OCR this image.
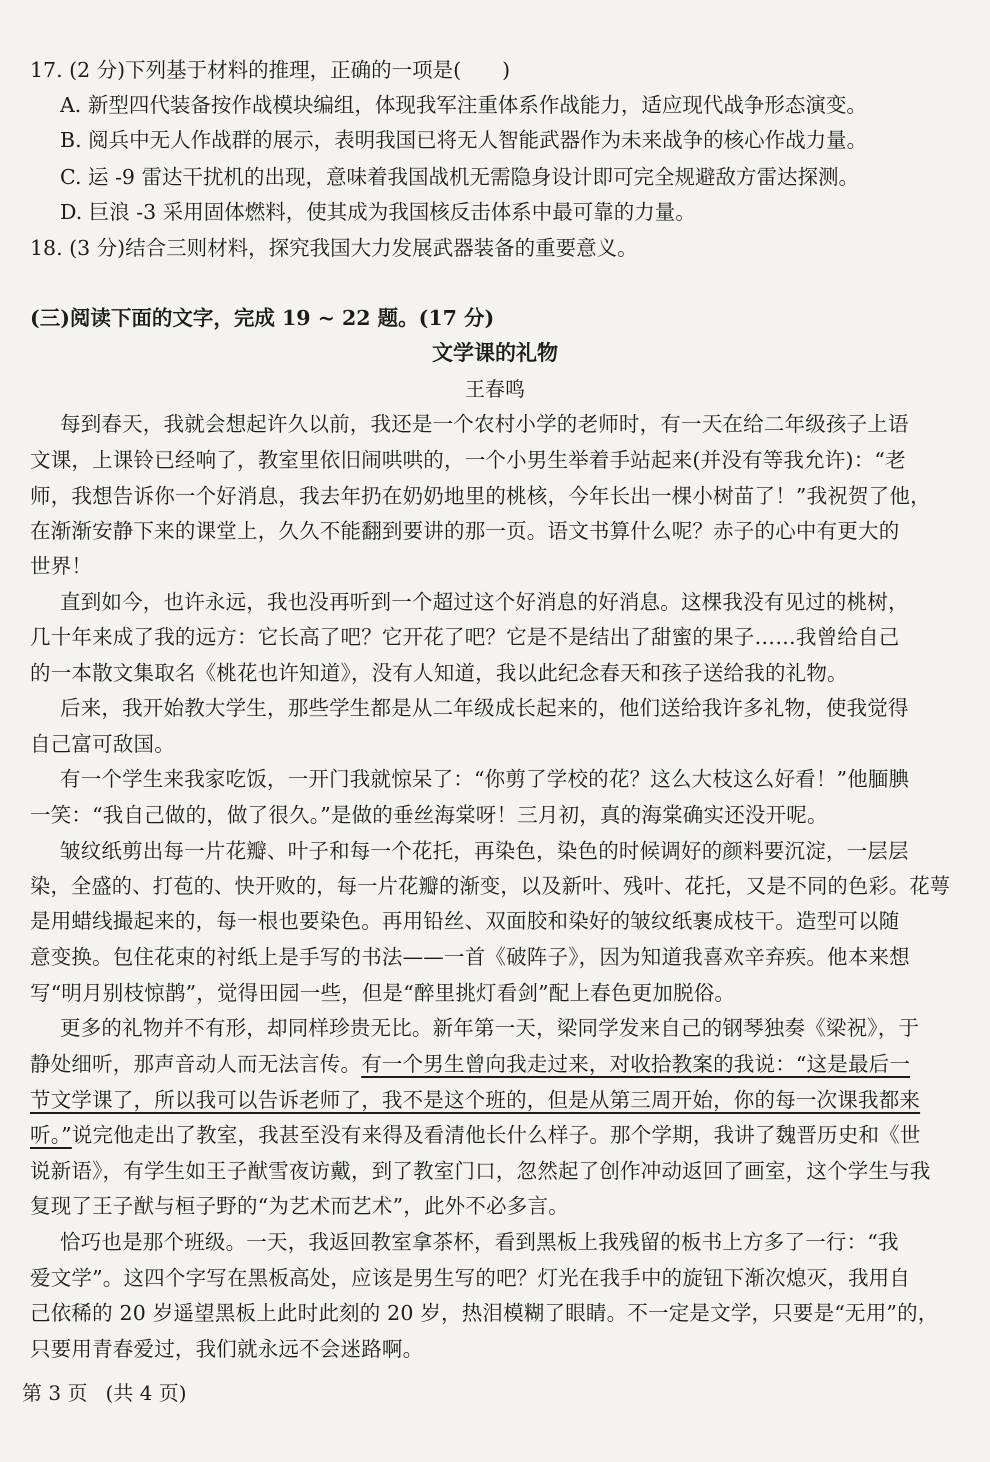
17. (2 分)下列基于材料的推理，正确的一项是(　　)
A. 新型四代装备按作战模块编组，体现我军注重体系作战能力，适应现代战争形态演变。
B. 阅兵中无人作战群的展示，表明我国已将无人智能武器作为未来战争的核心作战力量。
C. 运 -9 雷达干扰机的出现，意味着我国战机无需隐身设计即可完全规避敌方雷达探测。
D. 巨浪 -3 采用固体燃料，使其成为我国核反击体系中最可靠的力量。
18. (3 分)结合三则材料，探究我国大力发展武器装备的重要意义。
(三)阅读下面的文字，完成 19 ~ 22 题。(17 分)
文学课的礼物
王春鸣
每到春天，我就会想起许久以前，我还是一个农村小学的老师时，有一天在给二年级孩子上语
文课，上课铃已经响了，教室里依旧闹哄哄的，一个小男生举着手站起来(并没有等我允许)：“老
师，我想告诉你一个好消息，我去年扔在奶奶地里的桃核，今年长出一棵小树苗了！”我祝贺了他，
在渐渐安静下来的课堂上，久久不能翻到要讲的那一页。语文书算什么呢？赤子的心中有更大的
世界！
直到如今，也许永远，我也没再听到一个超过这个好消息的好消息。这棵我没有见过的桃树，
几十年来成了我的远方：它长高了吧？它开花了吧？它是不是结出了甜蜜的果子……我曾给自己
的一本散文集取名《桃花也许知道》，没有人知道，我以此纪念春天和孩子送给我的礼物。
后来，我开始教大学生，那些学生都是从二年级成长起来的，他们送给我许多礼物，使我觉得
自己富可敌国。
有一个学生来我家吃饭，一开门我就惊呆了：“你剪了学校的花？这么大枝这么好看！”他腼腆
一笑：“我自己做的，做了很久。”是做的垂丝海棠呀！三月初，真的海棠确实还没开呢。
皱纹纸剪出每一片花瓣、叶子和每一个花托，再染色，染色的时候调好的颜料要沉淀，一层层
染，全盛的、打苞的、快开败的，每一片花瓣的渐变，以及新叶、残叶、花托，又是不同的色彩。花萼
是用蜡线撮起来的，每一根也要染色。再用铅丝、双面胶和染好的皱纹纸裹成枝干。造型可以随
意变换。包住花束的衬纸上是手写的书法——一首《破阵子》，因为知道我喜欢辛弃疾。他本来想
写“明月别枝惊鹊”，觉得田园一些，但是“醉里挑灯看剑”配上春色更加脱俗。
更多的礼物并不有形，却同样珍贵无比。新年第一天，梁同学发来自己的钢琴独奏《梁祝》，于
静处细听，那声音动人而无法言传。有一个男生曾向我走过来，对收拾教案的我说：“这是最后一
节文学课了，所以我可以告诉老师了，我不是这个班的，但是从第三周开始，你的每一次课我都来
听。”说完他走出了教室，我甚至没有来得及看清他长什么样子。那个学期，我讲了魏晋历史和《世
说新语》，有学生如王子猷雪夜访戴，到了教室门口，忽然起了创作冲动返回了画室，这个学生与我
复现了王子猷与桓子野的“为艺术而艺术”，此外不必多言。
恰巧也是那个班级。一天，我返回教室拿茶杯，看到黑板上我残留的板书上方多了一行：“我
爱文学”。这四个字写在黑板高处，应该是男生写的吧？灯光在我手中的旋钮下渐次熄灭，我用自
己依稀的 20 岁遥望黑板上此时此刻的 20 岁，热泪模糊了眼睛。不一定是文学，只要是“无用”的，
只要用青春爱过，我们就永远不会迷路啊。
第 3 页 (共 4 页)
